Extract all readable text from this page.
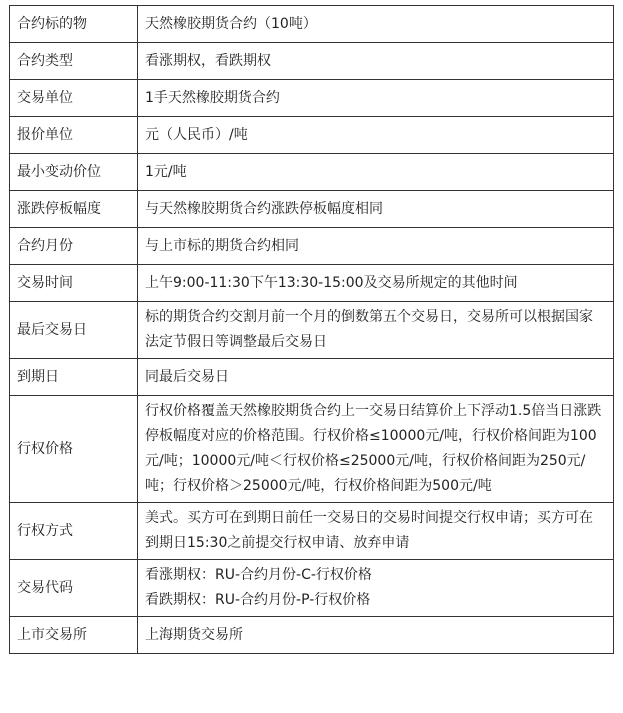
合约标的物	天然橡胶期货合约（10吨）

合约类型	看涨期权，看跌期权

交易单位	1手天然橡胶期货合约

报价单位	元（人民币）/吨

最小变动价位	1元/吨

涨跌停板幅度	与天然橡胶期货合约涨跌停板幅度相同

合约月份	与上市标的期货合约相同

交易时间	上午9:00-11:30下午13:30-15:00及交易所规定的其他时间

最后交易日	标的期货合约交割月前一个月的倒数第五个交易日，交易所可以根据国家法定节假日等调整最后交易日

到期日	同最后交易日

行权价格	行权价格覆盖天然橡胶期货合约上一交易日结算价上下浮动1.5倍当日涨跌停板幅度对应的价格范围。行权价格≤10000元/吨，行权价格间距为100元/吨；10000元/吨＜行权价格≤25000元/吨，行权价格间距为250元/吨；行权价格＞25000元/吨，行权价格间距为500元/吨

行权方式	美式。买方可在到期日前任一交易日的交易时间提交行权申请；买方可在到期日15:30之前提交行权申请、放弃申请

交易代码	看涨期权：RU-合约月份-C-行权价格
看跌期权：RU-合约月份-P-行权价格

上市交易所	上海期货交易所
